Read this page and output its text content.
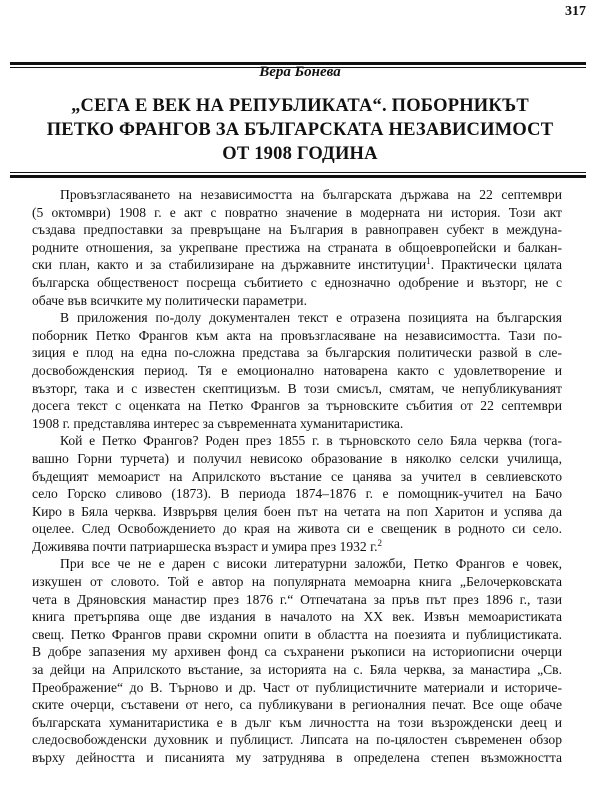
317
Вера Бонева
„СЕГА Е ВЕК НА РЕПУБЛИКАТА“. ПОБОРНИКЪТ
ПЕТКО ФРАНГОВ ЗА БЪЛГАРСКАТА НЕЗАВИСИМОСТ
ОТ 1908 ГОДИНА
Провъзгласяването на независимостта на българската държава на 22 септември
(5 октомври) 1908 г. е акт с повратно значение в модерната ни история. Този акт
създава предпоставки за превръщане на България в равноправен субект в междуна-
родните отношения, за укрепване престижа на страната в общоевропейски и балкан-
ски план, както и за стабилизиране на държавните институции$^1$. Практически цялата
българска общественост посреща събитието с еднозначно одобрение и възторг, не с
обаче във всичките му политически параметри.
В приложения по-долу документален текст е отразена позицията на българския
поборник Петко Франгов към акта на провъзгласяване на независимостта. Тази по-
зиция е плод на една по-сложна представа за българския политически развой в сле-
досвобожденския период. Тя е емоционално натоварена както с удовлетворение и
възторг, така и с известен скептицизъм. В този смисъл, смятам, че непубликуваният
досега текст с оценката на Петко Франгов за търновските събития от 22 септември
1908 г. представлява интерес за съвременната хуманитаристика.
Кой е Петко Франгов? Роден през 1855 г. в търновското село Бяла черква (тога-
вашно Горни турчета) и получил невисоко образование в няколко селски училища,
бъдещият мемоарист на Априлското въстание се цанява за учител в севлиевското
село Горско сливово (1873). В периода 1874–1876 г. е помощник-учител на Бачо
Киро в Бяла черква. Изврървя целия боен път на четата на поп Харитон и успява да
оцелее. След Освобождението до края на живота си е свещеник в родното си село.
Доживява почти патриаршеска възраст и умира през 1932 г.$^2$
При все че не е дарен с високи литературни заложби, Петко Франгов е човек,
изкушен от словото. Той е автор на популярната мемоарна книга „Белочерковската
чета в Дряновския манастир през 1876 г.“ Отпечатана за пръв път през 1896 г., тази
книга претърпява още две издания в началото на XX век. Извън мемоаристиката
свещ. Петко Франгов прави скромни опити в областта на поезията и публицистиката.
В добре запазения му архивен фонд са съхранени ръкописи на историописни очерци
за дейци на Априлското въстание, за историята на с. Бяла черква, за манастира „Св.
Преображение“ до В. Търново и др. Част от публицистичните материали и историче-
ските очерци, съставени от него, са публикувани в регионалния печат. Все още обаче
българската хуманитаристика е в дълг към личността на този възрожденски деец и
следосвобожденски духовник и публицист. Липсата на по-цялостен съвременен обзор
върху дейността и писанията му затруднява в определена степен възможността
